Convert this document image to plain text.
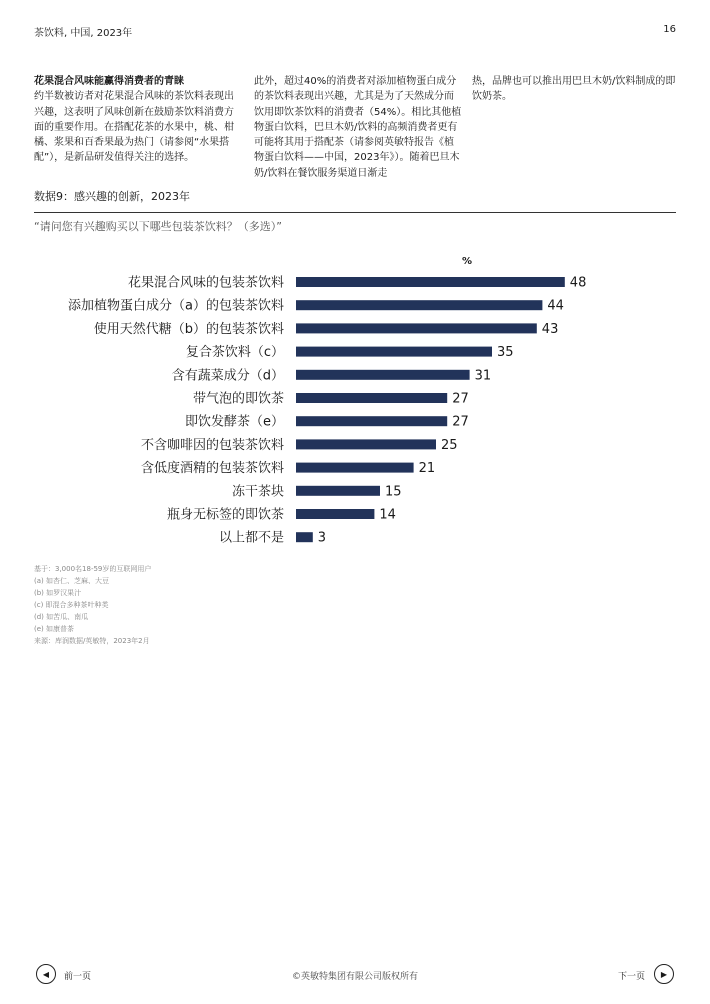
茶饮料, 中国, 2023年	16

花果混合风味能赢得消费者的青睐

约半数被访者对花果混合风味的茶饮料表现出兴趣，这表明了风味创新在鼓励茶饮料消费方面的重要作用。在搭配花茶的水果中，桃、柑橘、浆果和百香果最为热门（请参阅“水果搭配”），是新品研发值得关注的选择。

此外，超过40%的消费者对添加植物蛋白成分的茶饮料表现出兴趣，尤其是为了天然成分而饮用即饮茶饮料的消费者（54%）。相比其他植物蛋白饮料，巴旦木奶/饮料的高频消费者更有可能将其用于搭配茶（请参阅英敏特报告《植物蛋白饮料——中国，2023年》）。随着巴旦木奶/饮料在餐饮服务渠道日渐走

热，品牌也可以推出用巴旦木奶/饮料制成的即饮奶茶。

数据9：感兴趣的创新，2023年
“请问您有兴趣购买以下哪些包装茶饮料？（多选）”
%
花果混合风味的包装茶饮料	48
添加植物蛋白成分（a）的包装茶饮料	44
使用天然代糖（b）的包装茶饮料	43
复合茶饮料（c）	35
含有蔬菜成分（d）	31
带气泡的即饮茶	27
即饮发酵茶（e）	27
不含咖啡因的包装茶饮料	25
含低度酒精的包装茶饮料	21
冻干茶块	15
瓶身无标签的即饮茶	14
以上都不是	3
基于：3,000名18-59岁的互联网用户
(a) 如杏仁、芝麻、大豆
(b) 如罗汉果汁
(c) 即混合多种茶叶种类
(d) 如苦瓜、南瓜
(e) 如康普茶
来源：库润数据/英敏特，2023年2月
◀	前一页	©英敏特集团有限公司版权所有	下一页	▶
